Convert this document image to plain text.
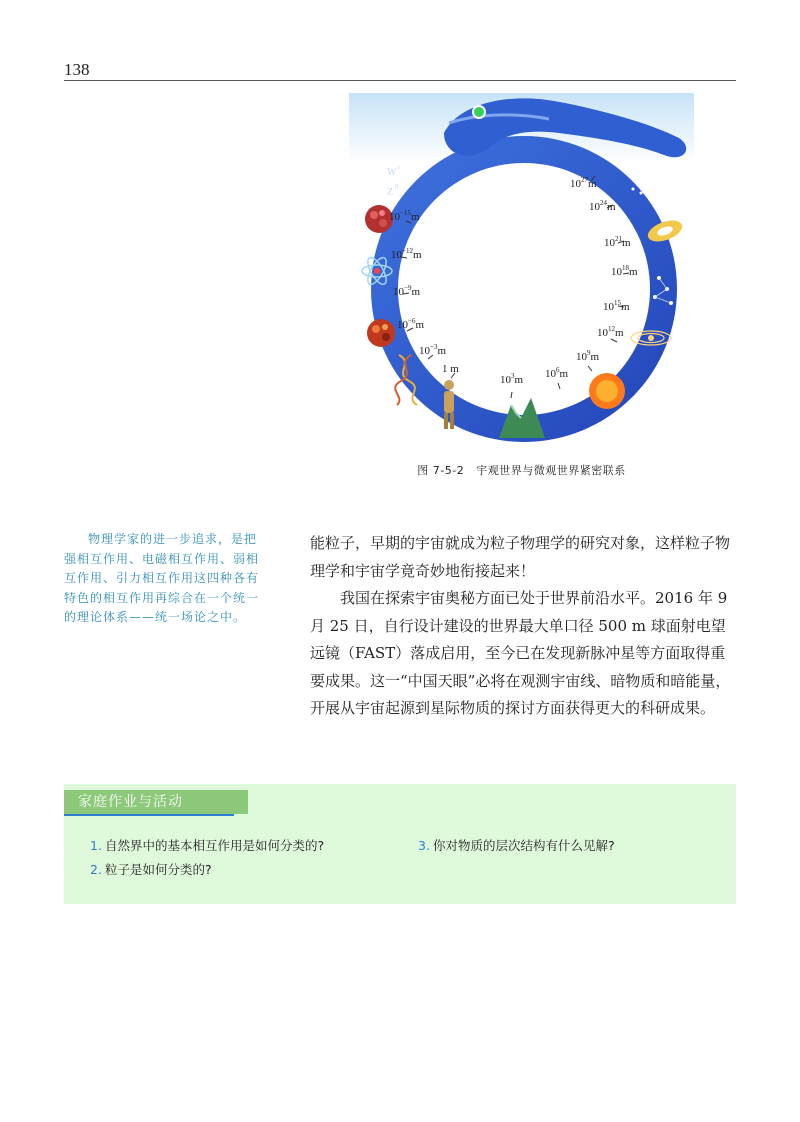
138
W ±
Z 0
$10^{-15}m$
$10^{-12}m$
$10^{-9}m$
$10^{-6}m$
$10^{-3}m$
1 m
$10^3m$ $10^6m$
$10^9m$
$10^{12}m$
$10^{15}m$
$10^{18}m$
$10^{21}m$
$10^{24}m$
$10^{27}m$
图 7-5-2 宇观世界与微观世界紧密联系

物理学家的进一步追求，是把强相互作用、电磁相互作用、弱相互作用、引力相互作用这四种各有特色的相互作用再综合在一个统一的理论体系——统一场论之中。

能粒子，早期的宇宙就成为粒子物理学的研究对象，这样粒子物理学和宇宙学竟奇妙地衔接起来！

我国在探索宇宙奥秘方面已处于世界前沿水平。2016 年 9 月 25 日，自行设计建设的世界最大单口径 500 m 球面射电望远镜（FAST）落成启用，至今已在发现新脉冲星等方面取得重要成果。这一“中国天眼”必将在观测宇宙线、暗物质和暗能量，开展从宇宙起源到星际物质的探讨方面获得更大的科研成果。

家庭作业与活动
1. 自然界中的基本相互作用是如何分类的?
2. 粒子是如何分类的?
3. 你对物质的层次结构有什么见解?
